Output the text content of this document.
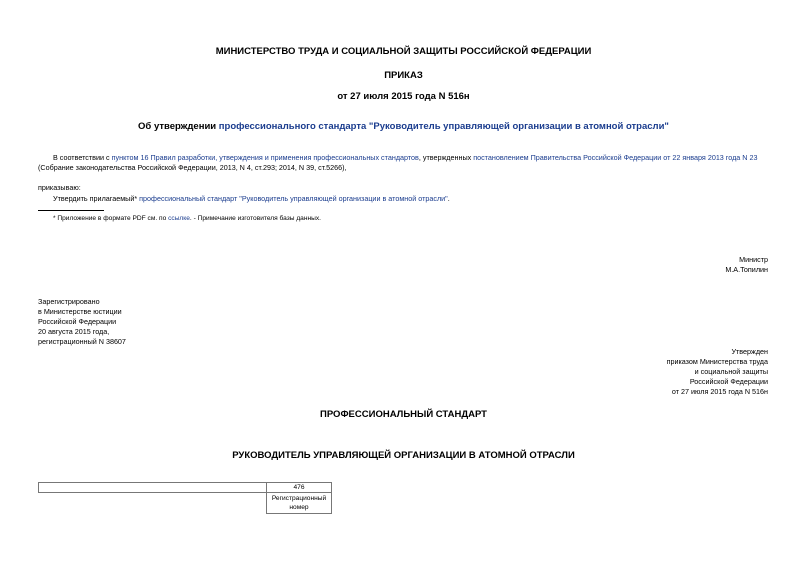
МИНИСТЕРСТВО ТРУДА И СОЦИАЛЬНОЙ ЗАЩИТЫ РОССИЙСКОЙ ФЕДЕРАЦИИ
ПРИКАЗ
от 27 июля 2015 года N 516н
Об утверждении профессионального стандарта "Руководитель управляющей организации в атомной отрасли"
В соответствии с пунктом 16 Правил разработки, утверждения и применения профессиональных стандартов, утвержденных постановлением Правительства Российской Федерации от 22 января 2013 года N 23
(Собрание законодательства Российской Федерации, 2013, N 4, ст.293; 2014, N 39, ст.5266),
приказываю:
Утвердить прилагаемый* профессиональный стандарт "Руководитель управляющей организации в атомной отрасли".
* Приложение в формате PDF см. по ссылке. - Примечание изготовителя базы данных.
Министр
М.А.Топилин
Зарегистрировано
в Министерстве юстиции
Российской Федерации
20 августа 2015 года,
регистрационный N 38607
Утвержден
приказом Министерства труда
и социальной защиты
Российской Федерации
от 27 июля 2015 года N 516н
ПРОФЕССИОНАЛЬНЫЙ СТАНДАРТ
РУКОВОДИТЕЛЬ УПРАВЛЯЮЩЕЙ ОРГАНИЗАЦИИ В АТОМНОЙ ОТРАСЛИ
	476

	Регистрационный
номер
